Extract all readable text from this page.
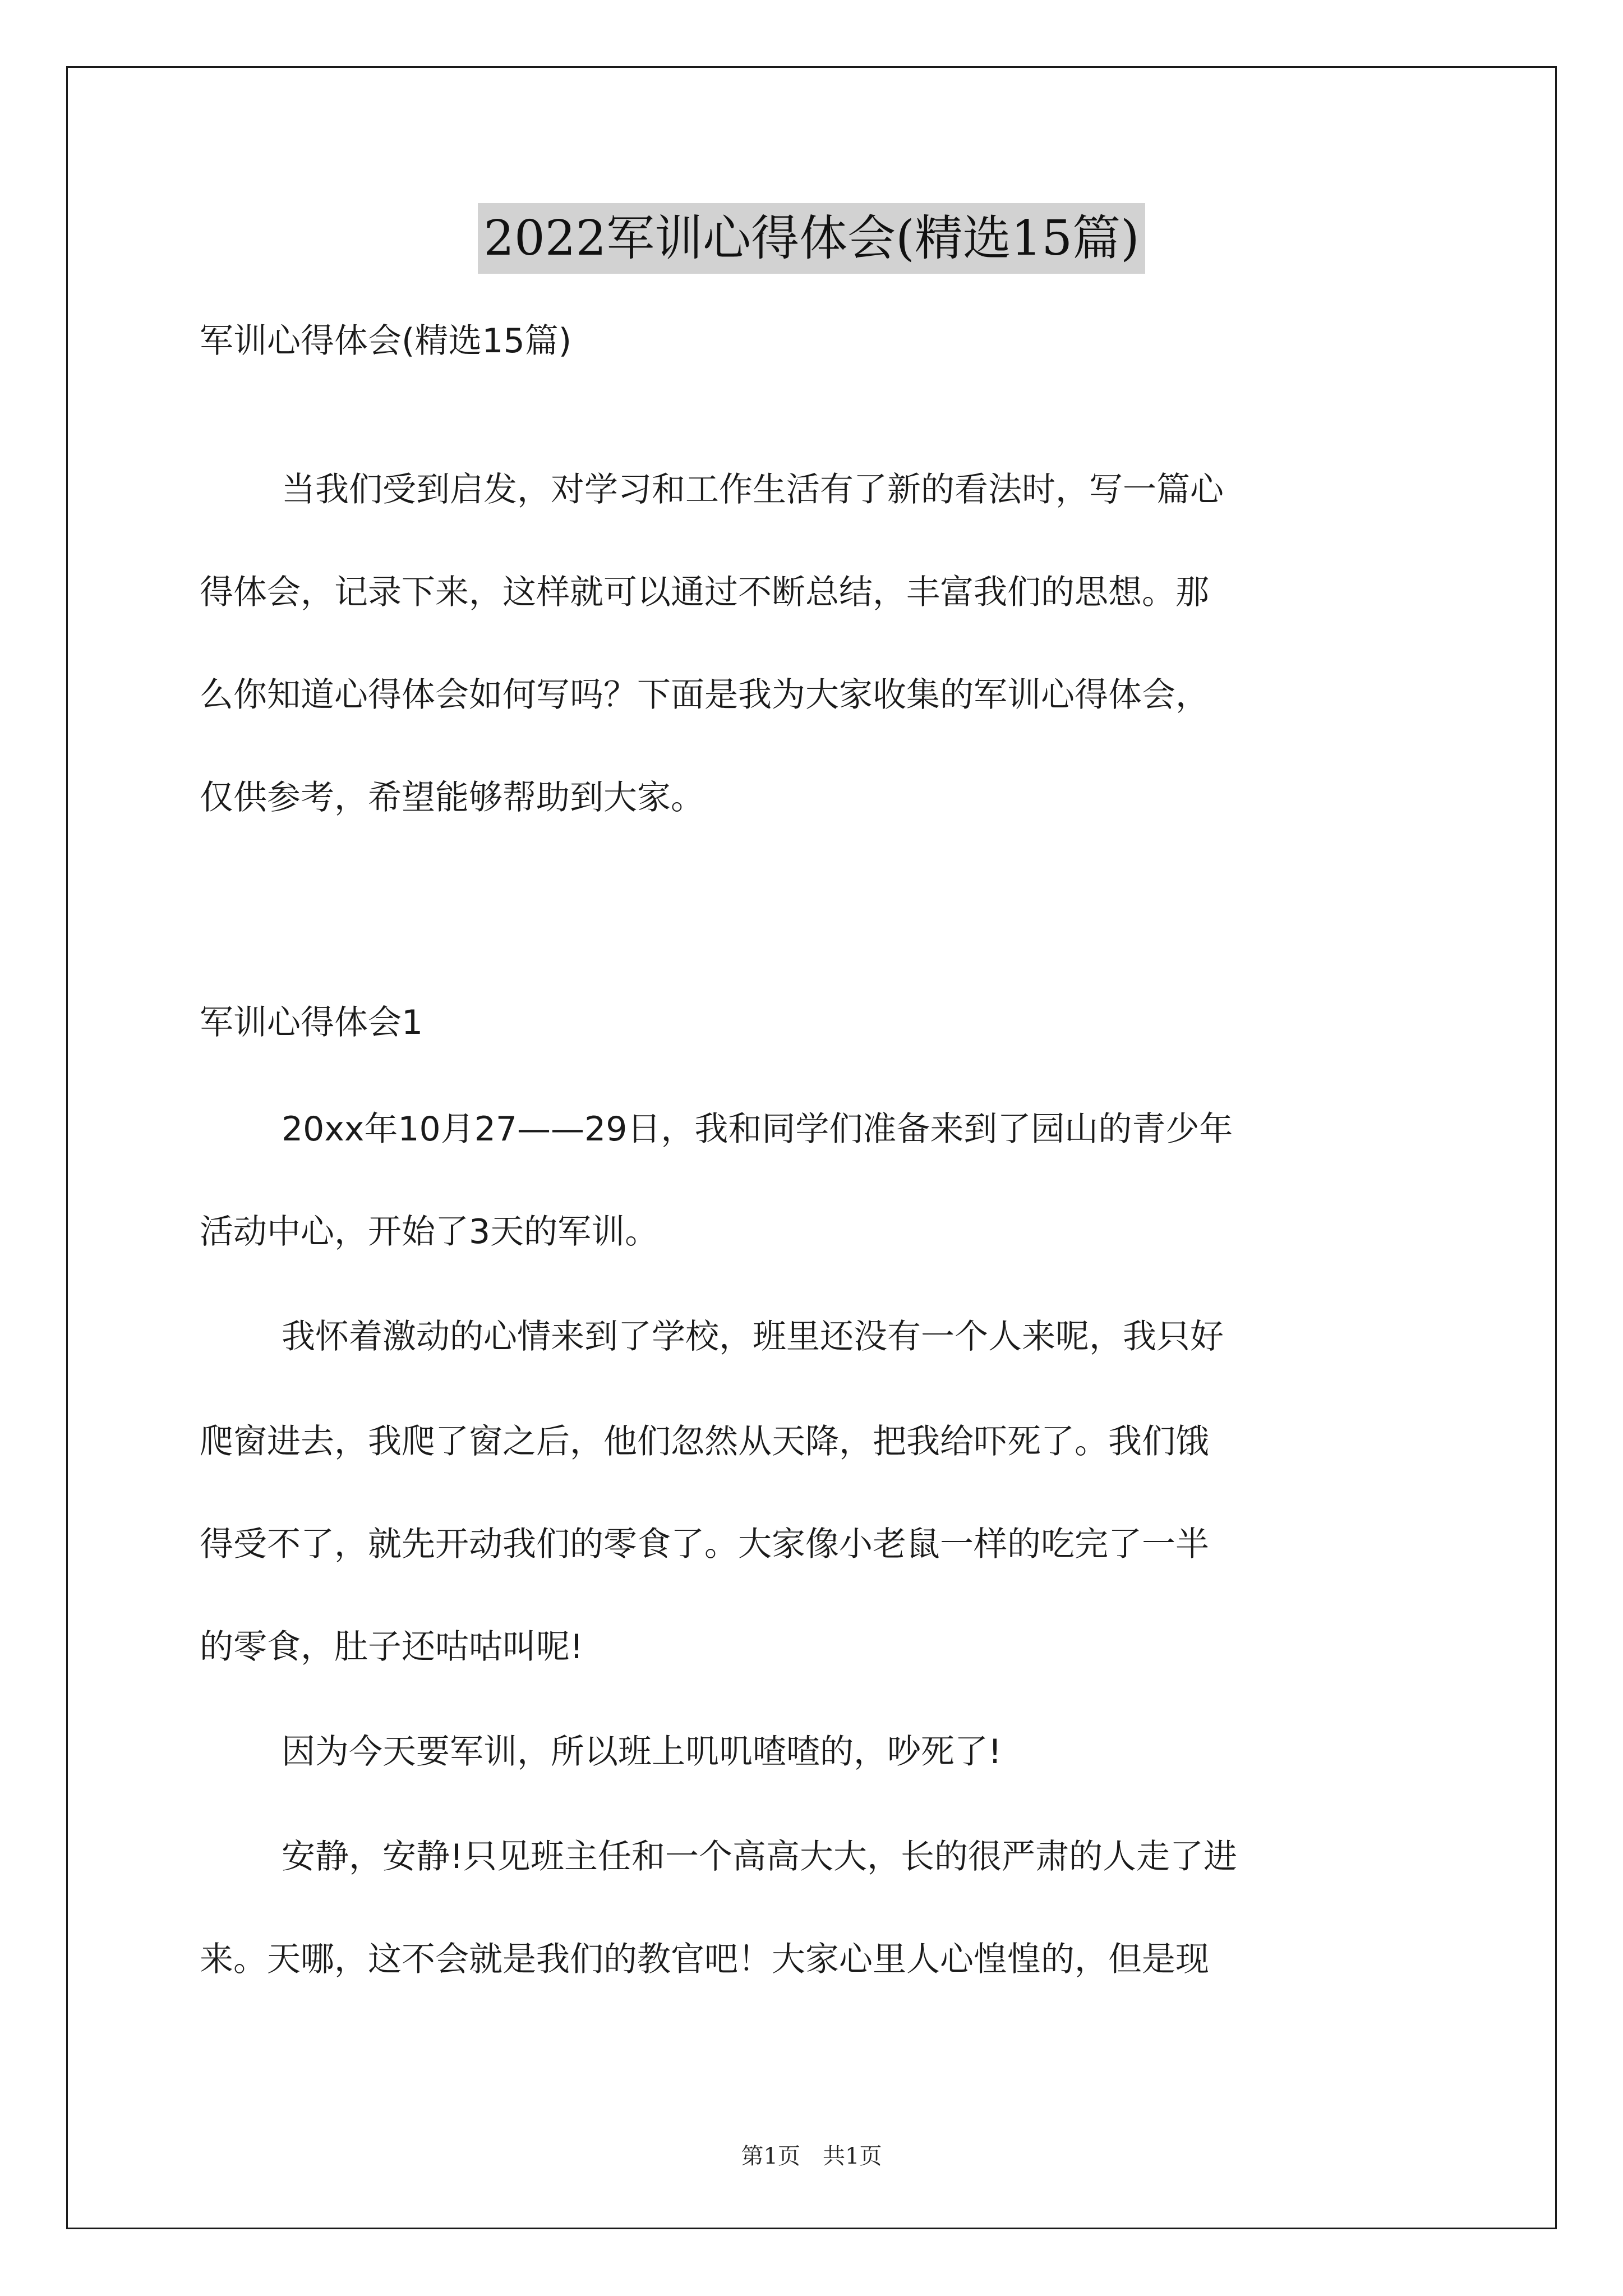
2022军训心得体会(精选15篇)
军训心得体会(精选15篇)
当我们受到启发，对学习和工作生活有了新的看法时，写一篇心
得体会，记录下来，这样就可以通过不断总结，丰富我们的思想。那
么你知道心得体会如何写吗？下面是我为大家收集的军训心得体会，
仅供参考，希望能够帮助到大家。
军训心得体会1
20xx年10月27——29日，我和同学们准备来到了园山的青少年
活动中心，开始了3天的军训。
我怀着激动的心情来到了学校，班里还没有一个人来呢，我只好
爬窗进去，我爬了窗之后，他们忽然从天降，把我给吓死了。我们饿
得受不了，就先开动我们的零食了。大家像小老鼠一样的吃完了一半
的零食，肚子还咕咕叫呢!
因为今天要军训，所以班上叽叽喳喳的，吵死了!
安静，安静!只见班主任和一个高高大大，长的很严肃的人走了进
来。天哪，这不会就是我们的教官吧！大家心里人心惶惶的，但是现
第1页　共1页
